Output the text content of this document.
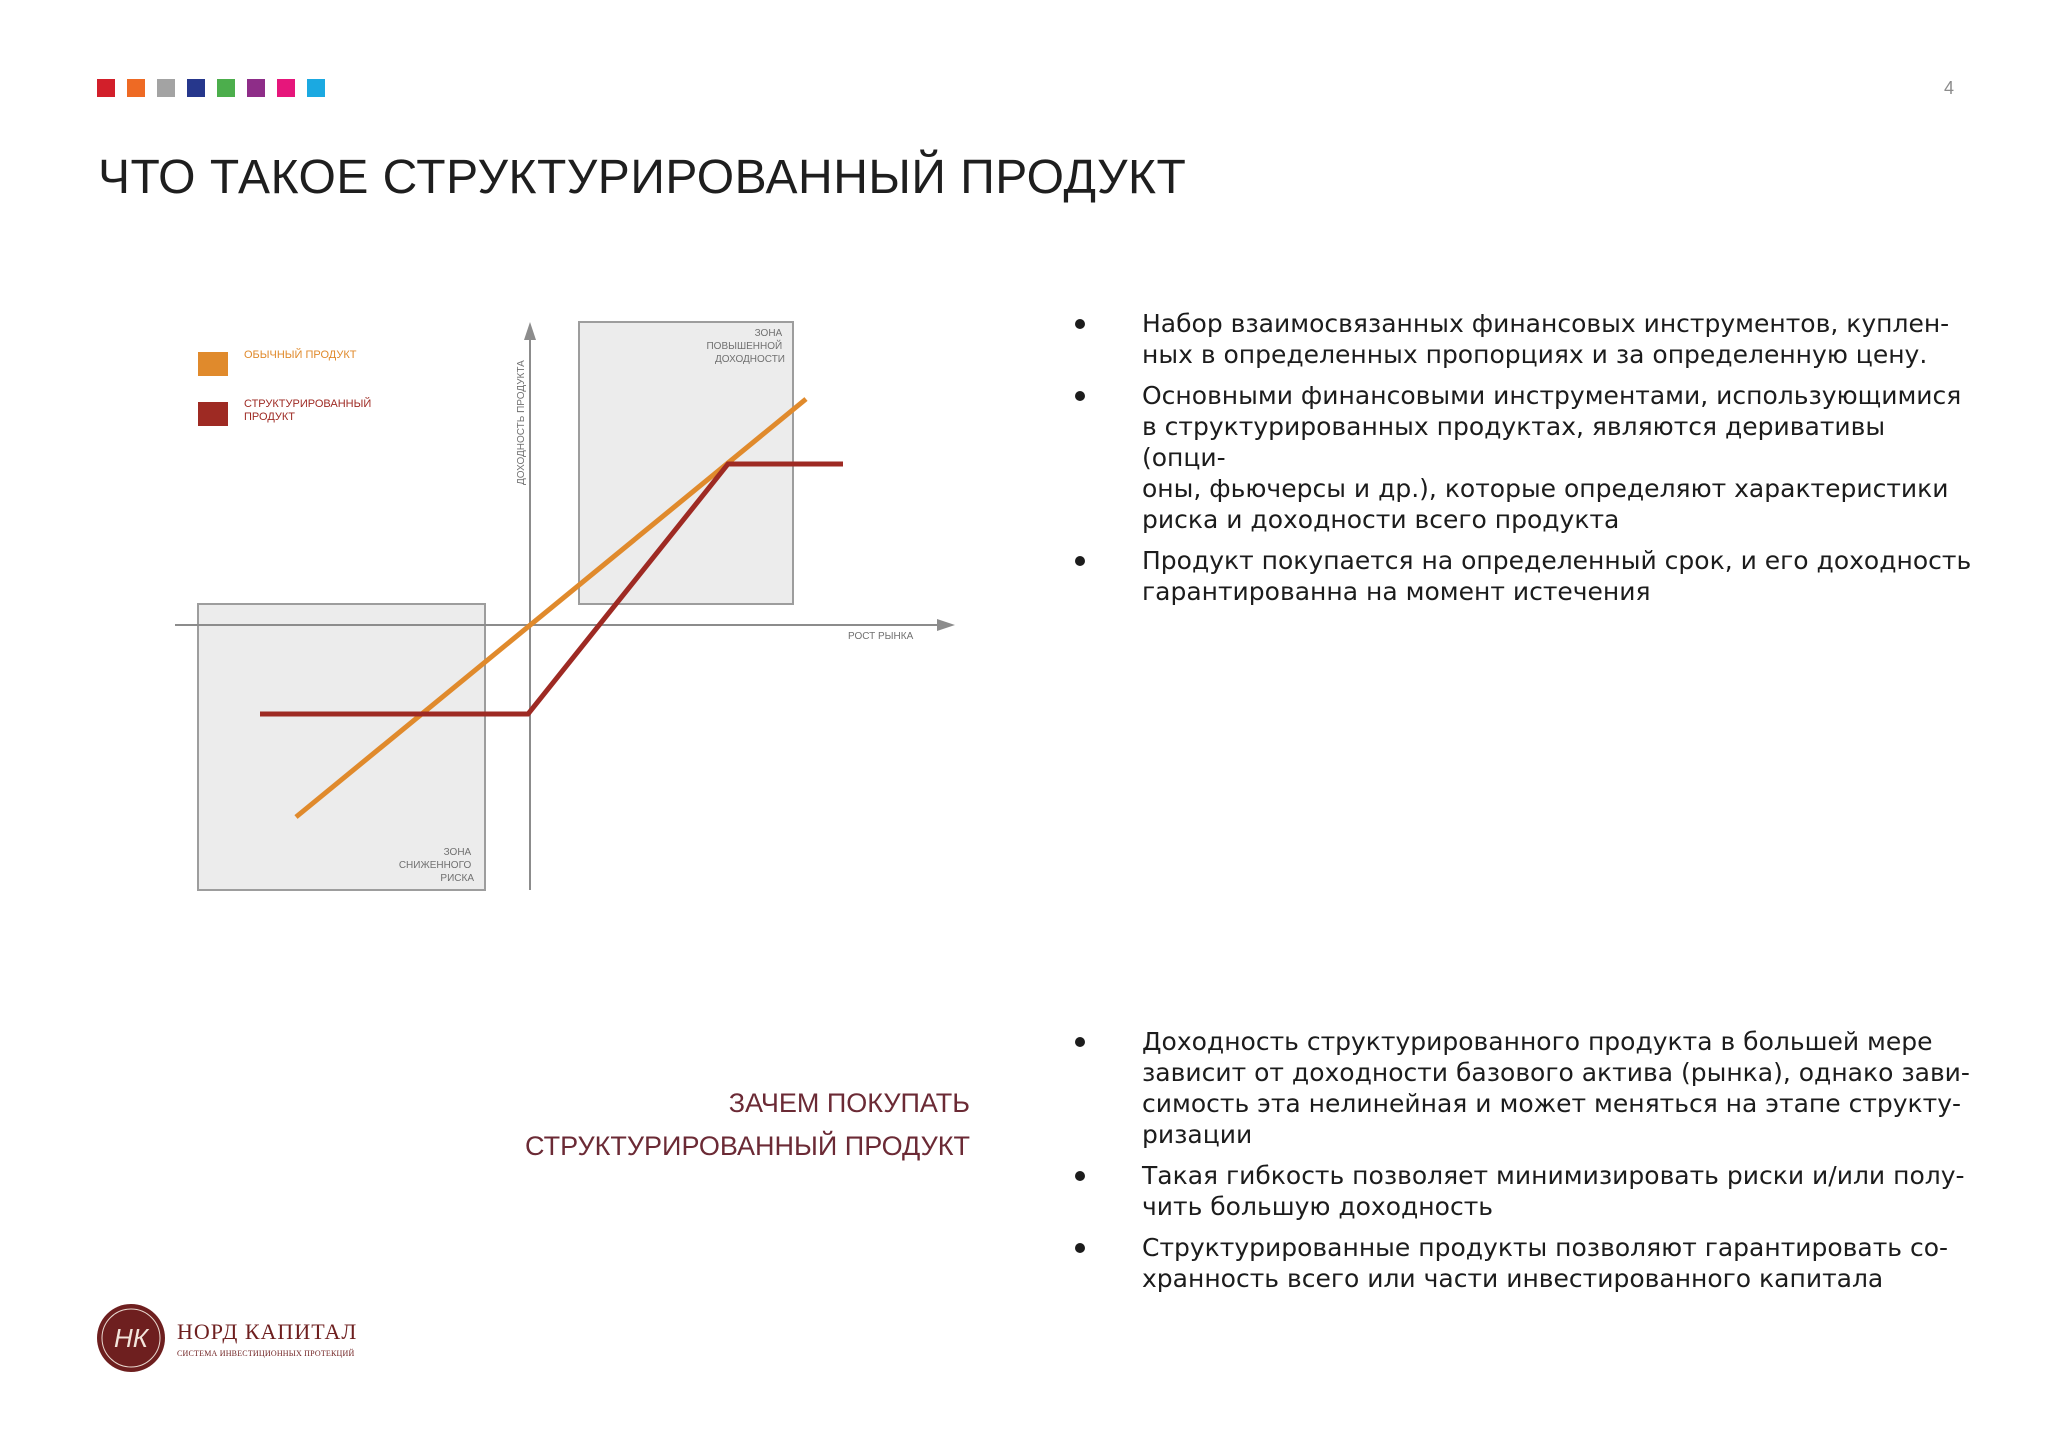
4
ЧТО ТАКОЕ СТРУКТУРИРОВАННЫЙ ПРОДУКТ
ОБЫЧНЫЙ ПРОДУКТ
СТРУКТУРИРОВАННЫЙ ПРОДУКТ	ДОХОДНОСТЬ ПРОДУКТА
РОСТ РЫНКА
ЗОНА ПОВЫШЕННОЙ ДОХОДНОСТИ
ЗОНА СНИЖЕННОГО РИСКА
Набор взаимосвязанных финансовых инструментов, куплен-
ных в определенных пропорциях и за определенную цену.
Основными финансовыми инструментами, использующимися
в структурированных продуктах, являются деривативы (опци-
оны, фьючерсы и др.), которые определяют характеристики
риска и доходности всего продукта
Продукт покупается на определенный срок, и его доходность
гарантированна на момент истечения
ЗАЧЕМ ПОКУПАТЬ
СТРУКТУРИРОВАННЫЙ ПРОДУКТ
Доходность структурированного продукта в большей мере
зависит от доходности базового актива (рынка), однако зави-
симость эта нелинейная и может меняться на этапе структу-
ризации
Такая гибкость позволяет минимизировать риски и/или полу-
чить большую доходность
Структурированные продукты позволяют гарантировать со-
хранность всего или части инвестированного капитала
НК НОРД КАПИТАЛ
СИСТЕМА ИНВЕСТИЦИОННЫХ ПРОТЕКЦИЙ
